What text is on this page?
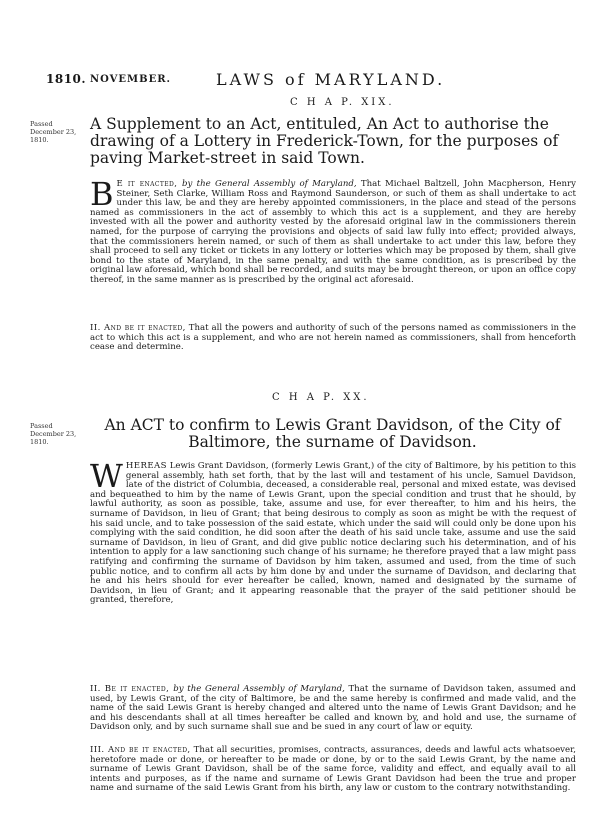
1810. NOVEMBER.	LAWS of MARYLAND.
C H A P. XIX.
Passed December 23, 1810.
A Supplement to an Act, entituled, An Act to authorise the drawing of a Lottery in Frederick-Town, for the purposes of paving Market-street in said Town.
B E it enacted, by the General Assembly of Maryland, That Michael Baltzell, John Macpherson, Henry Steiner, Seth Clarke, William Ross and Raymond Saunderson, or such of them as shall undertake to act under this law, be and they are hereby appointed commissioners, in the place and stead of the persons named as commissioners in the act of assembly to which this act is a supplement, and they are hereby invested with all the power and authority vested by the aforesaid original law in the commissioners therein named, for the purpose of carrying the provisions and objects of said law fully into effect; provided always, that the commissioners herein named, or such of them as shall undertake to act under this law, before they shall proceed to sell any ticket or tickets in any lottery or lotteries which may be proposed by them, shall give bond to the state of Maryland, in the same penalty, and with the same condition, as is prescribed by the original law aforesaid, which bond shall be recorded, and suits may be brought thereon, or upon an office copy thereof, in the same manner as is prescribed by the original act aforesaid.
II. And be it enacted, That all the powers and authority of such of the persons named as commissioners in the act to which this act is a supplement, and who are not herein named as commissioners, shall from henceforth cease and determine.
C H A P. XX.
Passed December 23, 1810.
An ACT to confirm to Lewis Grant Davidson, of the City of Baltimore, the surname of Davidson.
WHEREAS Lewis Grant Davidson, (formerly Lewis Grant,) of the city of Baltimore, by his petition to this general assembly, hath set forth, that by the last will and testament of his uncle, Samuel Davidson, late of the district of Columbia, deceased, a considerable real, personal and mixed estate, was devised and bequeathed to him by the name of Lewis Grant, upon the special condition and trust that he should, by lawful authority, as soon as possible, take, assume and use, for ever thereafter, to him and his heirs, the surname of Davidson, in lieu of Grant; that being desirous to comply as soon as might be with the request of his said uncle, and to take possession of the said estate, which under the said will could only be done upon his complying with the said condition, he did soon after the death of his said uncle take, assume and use the said surname of Davidson, in lieu of Grant, and did give public notice declaring such his determination, and of his intention to apply for a law sanctioning such change of his surname; he therefore prayed that a law might pass ratifying and confirming the surname of Davidson by him taken, assumed and used, from the time of such public notice, and to confirm all acts by him done by and under the surname of Davidson, and declaring that he and his heirs should for ever hereafter be called, known, named and designated by the surname of Davidson, in lieu of Grant; and it appearing reasonable that the prayer of the said petitioner should be granted, therefore,
II. Be it enacted, by the General Assembly of Maryland, That the surname of Davidson taken, assumed and used, by Lewis Grant, of the city of Baltimore, be and the same hereby is confirmed and made valid, and the name of the said Lewis Grant is hereby changed and altered unto the name of Lewis Grant Davidson; and he and his descendants shall at all times hereafter be called and known by, and hold and use, the surname of Davidson only, and by such surname shall sue and be sued in any court of law or equity.
III. And be it enacted, That all securities, promises, contracts, assurances, deeds and lawful acts whatsoever, heretofore made or done, or hereafter to be made or done, by or to the said Lewis Grant, by the name and surname of Lewis Grant Davidson, shall be of the same force, validity and effect, and equally avail to all intents and purposes, as if the name and surname of Lewis Grant Davidson had been the true and proper name and surname of the said Lewis Grant from his birth, any law or custom to the contrary notwithstanding.
